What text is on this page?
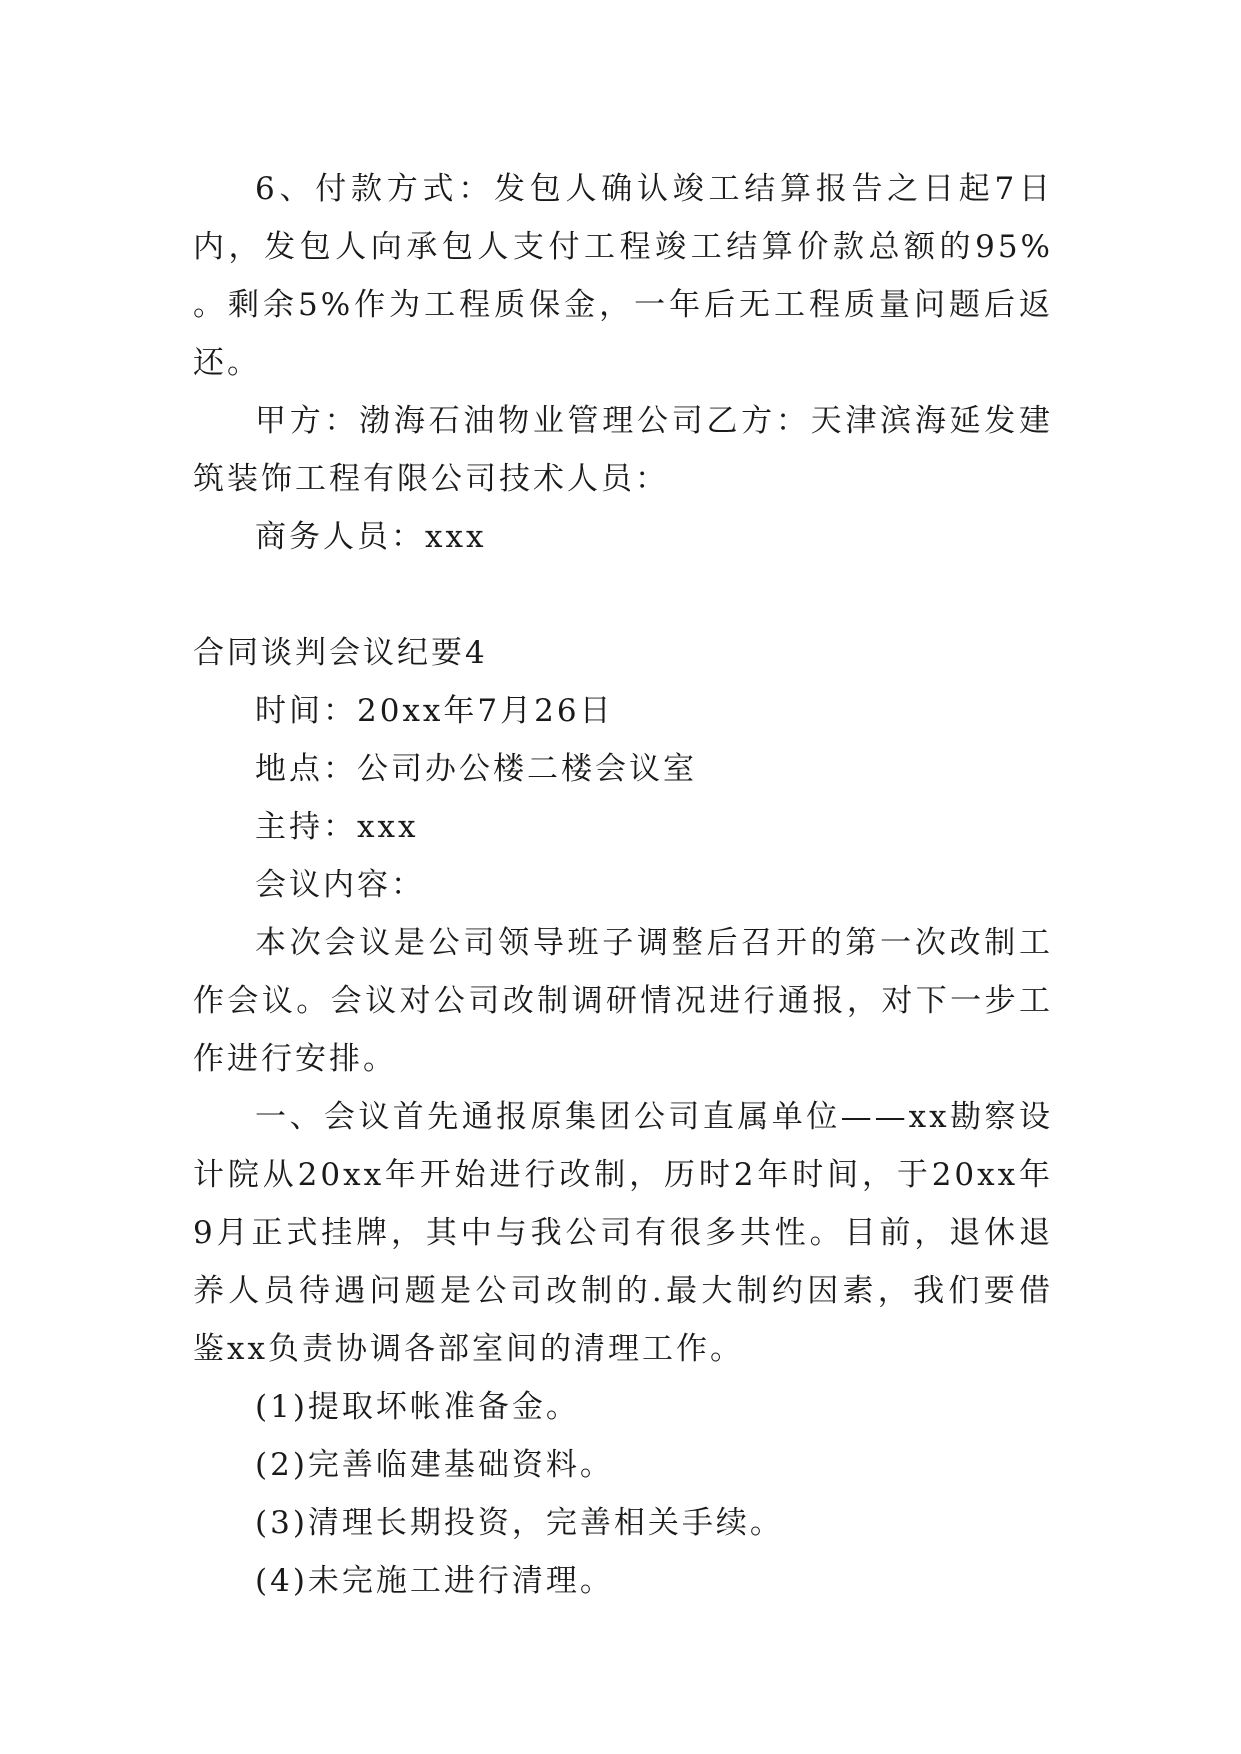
6、付款方式：发包人确认竣工结算报告之日起7日内，发包人向承包人支付工程竣工结算价款总额的95% 。剩余5%作为工程质保金，一年后无工程质量问题后返还。

甲方：渤海石油物业管理公司乙方：天津滨海延发建筑装饰工程有限公司技术人员：

商务人员：xxx

合同谈判会议纪要4

时间：20xx年7月26日

地点：公司办公楼二楼会议室

主持：xxx

会议内容：

本次会议是公司领导班子调整后召开的第一次改制工作会议。会议对公司改制调研情况进行通报，对下一步工作进行安排。

一、会议首先通报原集团公司直属单位——xx勘察设计院从20xx年开始进行改制，历时2年时间，于20xx年9月正式挂牌，其中与我公司有很多共性。目前，退休退养人员待遇问题是公司改制的.最大制约因素，我们要借鉴xx负责协调各部室间的清理工作。

(1)提取坏帐准备金。

(2)完善临建基础资料。

(3)清理长期投资，完善相关手续。

(4)未完施工进行清理。
